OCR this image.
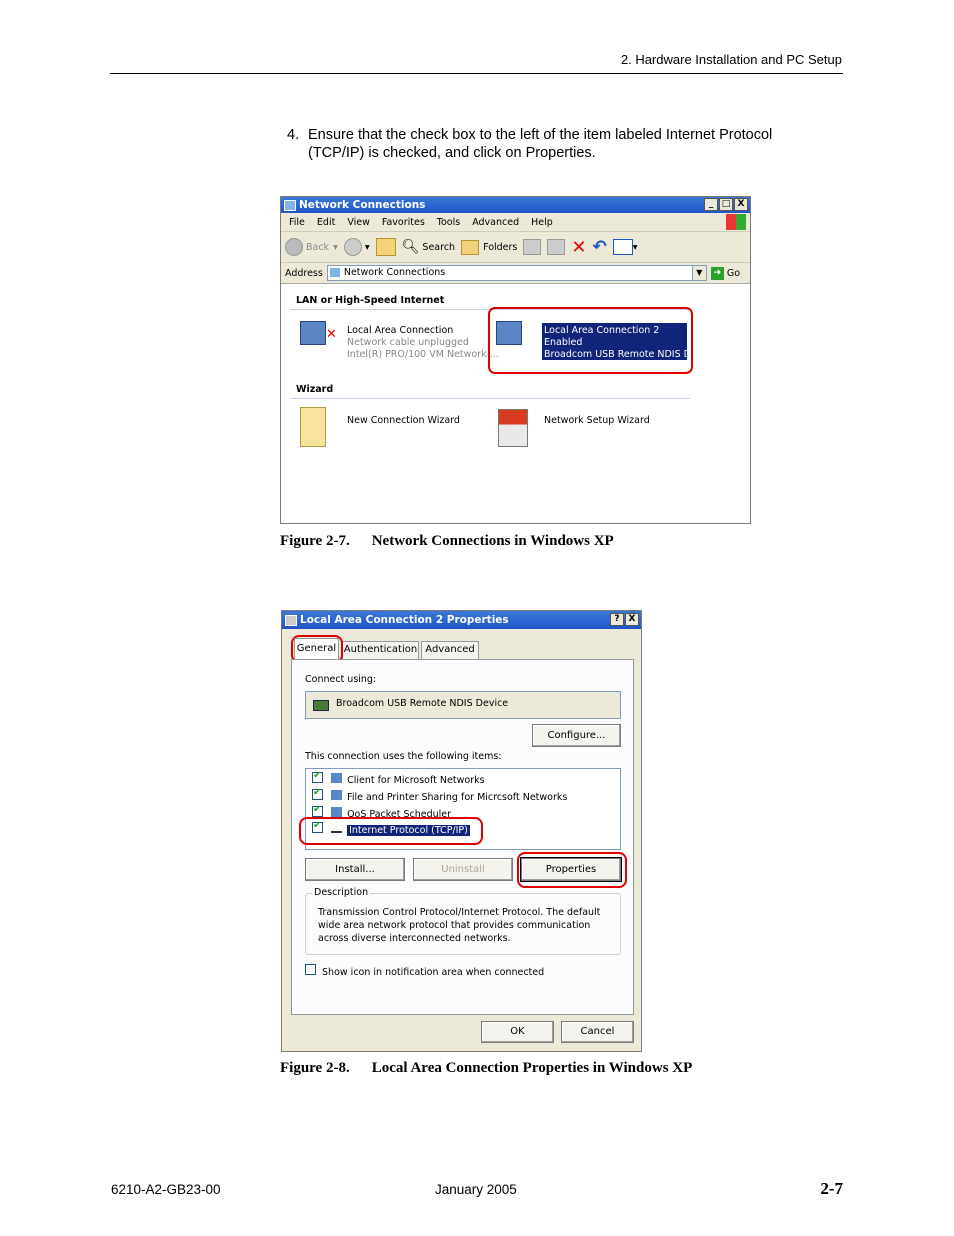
2. Hardware Installation and PC Setup
4. Ensure that the check box to the left of the item labeled Internet Protocol (TCP/IP) is checked, and click on Properties.
Network Connections	_ □ X
File Edit View Favorites Tools Advanced Help
Back ▾	▾ 🔍︎ Search	Folders	✕ ↶	▾
Address	Network Connections	▼	➜ Go
LAN or High-Speed Internet
✕ Local Area Connection
Network cable unplugged
Intel(R) PRO/100 VM Network ...
Local Area Connection 2
Enabled
Broadcom USB Remote NDIS D...
Wizard
New Connection Wizard	Network Setup Wizard
Figure 2-7. Network Connections in Windows XP
Local Area Connection 2 Properties	? X
General Authentication Advanced
Connect using:
Broadcom USB Remote NDIS Device
Configure...
This connection uses the following items:
✔  Client for Microsoft Networks
✔  File and Printer Sharing for Micrcsoft Networks
✔  QoS Packet Scheduler
✔  Internet Protocol (TCP/IP)
Install...	Uninstall	Properties
Description
Transmission Control Protocol/Internet Protocol. The default wide area network protocol that provides communication across diverse interconnected networks.
Show icon in notification area when connected
OK	Cancel
Figure 2-8. Local Area Connection Properties in Windows XP
6210-A2-GB23-00	January 2005	2-7
